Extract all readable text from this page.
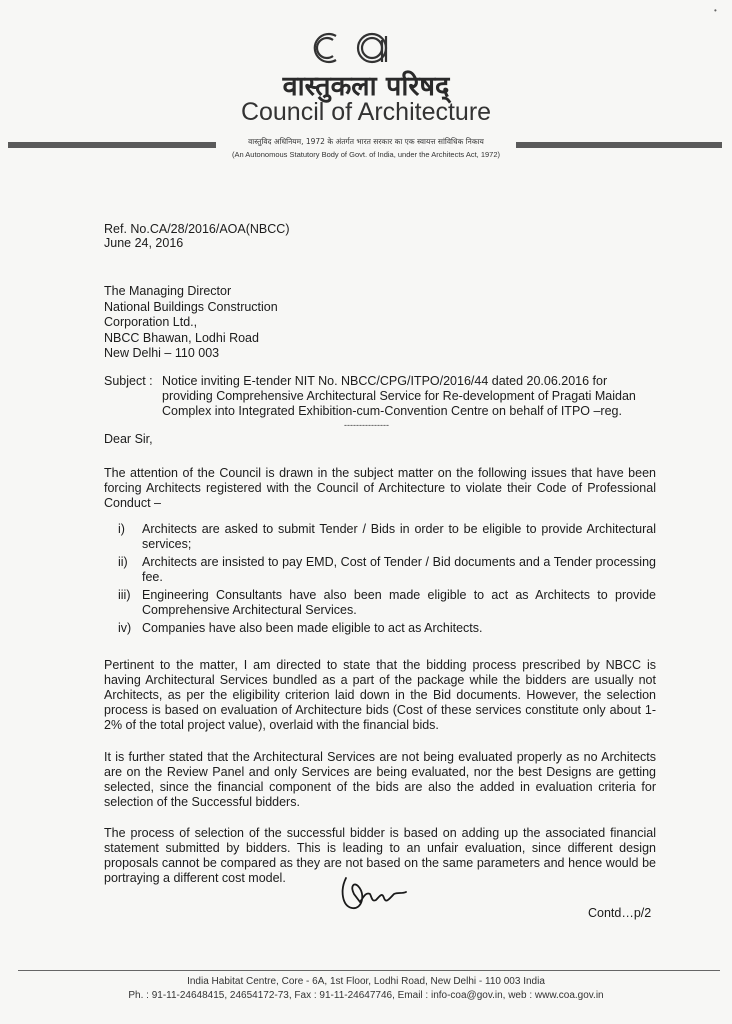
•
वास्तुकला परिषद्
Council of Architecture
वास्तुविद अधिनियम, 1972 के अंतर्गत भारत सरकार का एक स्वायत्त सांविधिक निकाय
(An Autonomous Statutory Body of Govt. of India, under the Architects Act, 1972)
Ref. No.CA/28/2016/AOA(NBCC)
June 24, 2016
The Managing Director
National Buildings Construction
Corporation Ltd.,
NBCC Bhawan, Lodhi Road
New Delhi – 110 003
Subject : Notice inviting E-tender NIT No. NBCC/CPG/ITPO/2016/44 dated 20.06.2016 for
providing Comprehensive Architectural Service for Re-development of Pragati Maidan
Complex into Integrated Exhibition-cum-Convention Centre on behalf of ITPO –reg.
---------------
Dear Sir,
The attention of the Council is drawn in the subject matter on the following issues that have been forcing Architects registered with the Council of Architecture to violate their Code of Professional Conduct –
i)	Architects are asked to submit Tender / Bids in order to be eligible to provide Architectural services;
ii)	Architects are insisted to pay EMD, Cost of Tender / Bid documents and a Tender processing fee.
iii) Engineering Consultants have also been made eligible to act as Architects to provide Comprehensive Architectural Services.
iv) Companies have also been made eligible to act as Architects.
Pertinent to the matter, I am directed to state that the bidding process prescribed by NBCC is having Architectural Services bundled as a part of the package while the bidders are usually not Architects, as per the eligibility criterion laid down in the Bid documents. However, the selection process is based on evaluation of Architecture bids (Cost of these services constitute only about 1-2% of the total project value), overlaid with the financial bids.
It is further stated that the Architectural Services are not being evaluated properly as no Architects are on the Review Panel and only Services are being evaluated, nor the best Designs are getting selected, since the financial component of the bids are also the added in evaluation criteria for selection of the Successful bidders.
The process of selection of the successful bidder is based on adding up the associated financial statement submitted by bidders. This is leading to an unfair evaluation, since different design proposals cannot be compared as they are not based on the same parameters and hence would be portraying a different cost model.
Contd…p/2
India Habitat Centre, Core - 6A, 1st Floor, Lodhi Road, New Delhi - 110 003 India
Ph. : 91-11-24648415, 24654172-73, Fax : 91-11-24647746, Email : info-coa@gov.in, web : www.coa.gov.in
